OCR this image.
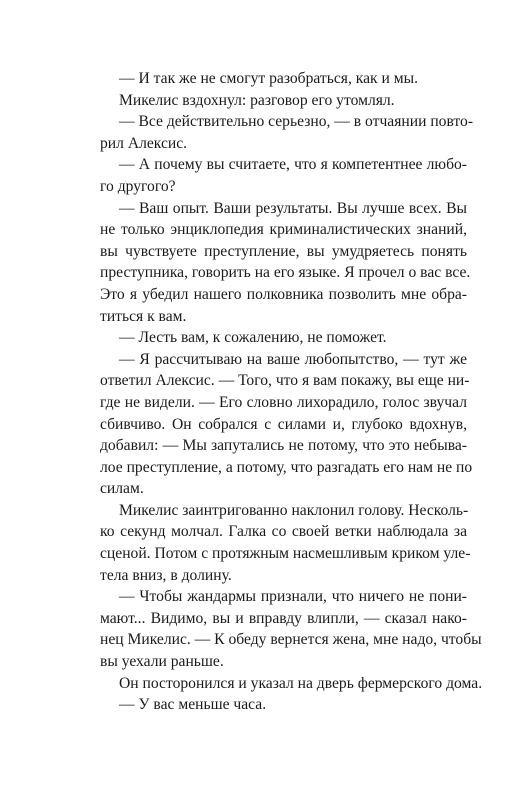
— И так же не смогут разобраться, как и мы.
Микелис вздохнул: разговор его утомлял.
— Все действительно серьезно, — в отчаянии повто-
рил Алексис.
— А почему вы считаете, что я компетентнее любо-
го другого?
— Ваш опыт. Ваши результаты. Вы лучше всех. Вы
не только энциклопедия криминалистических знаний,
вы чувствуете преступление, вы умудряетесь понять
преступника, говорить на его языке. Я прочел о вас все.
Это я убедил нашего полковника позволить мне обра-
титься к вам.
— Лесть вам, к сожалению, не поможет.
— Я рассчитываю на ваше любопытство, — тут же
ответил Алексис. — Того, что я вам покажу, вы еще ни-
где не видели. — Его словно лихорадило, голос звучал
сбивчиво. Он собрался с силами и, глубоко вдохнув,
добавил: — Мы запутались не потому, что это небыва-
лое преступление, а потому, что разгадать его нам не по
силам.
Микелис заинтригованно наклонил голову. Несколь-
ко секунд молчал. Галка со своей ветки наблюдала за
сценой. Потом с протяжным насмешливым криком уле-
тела вниз, в долину.
— Чтобы жандармы признали, что ничего не пони-
мают... Видимо, вы и вправду влипли, — сказал нако-
нец Микелис. — К обеду вернется жена, мне надо, чтобы
вы уехали раньше.
Он посторонился и указал на дверь фермерского дома.
— У вас меньше часа.
